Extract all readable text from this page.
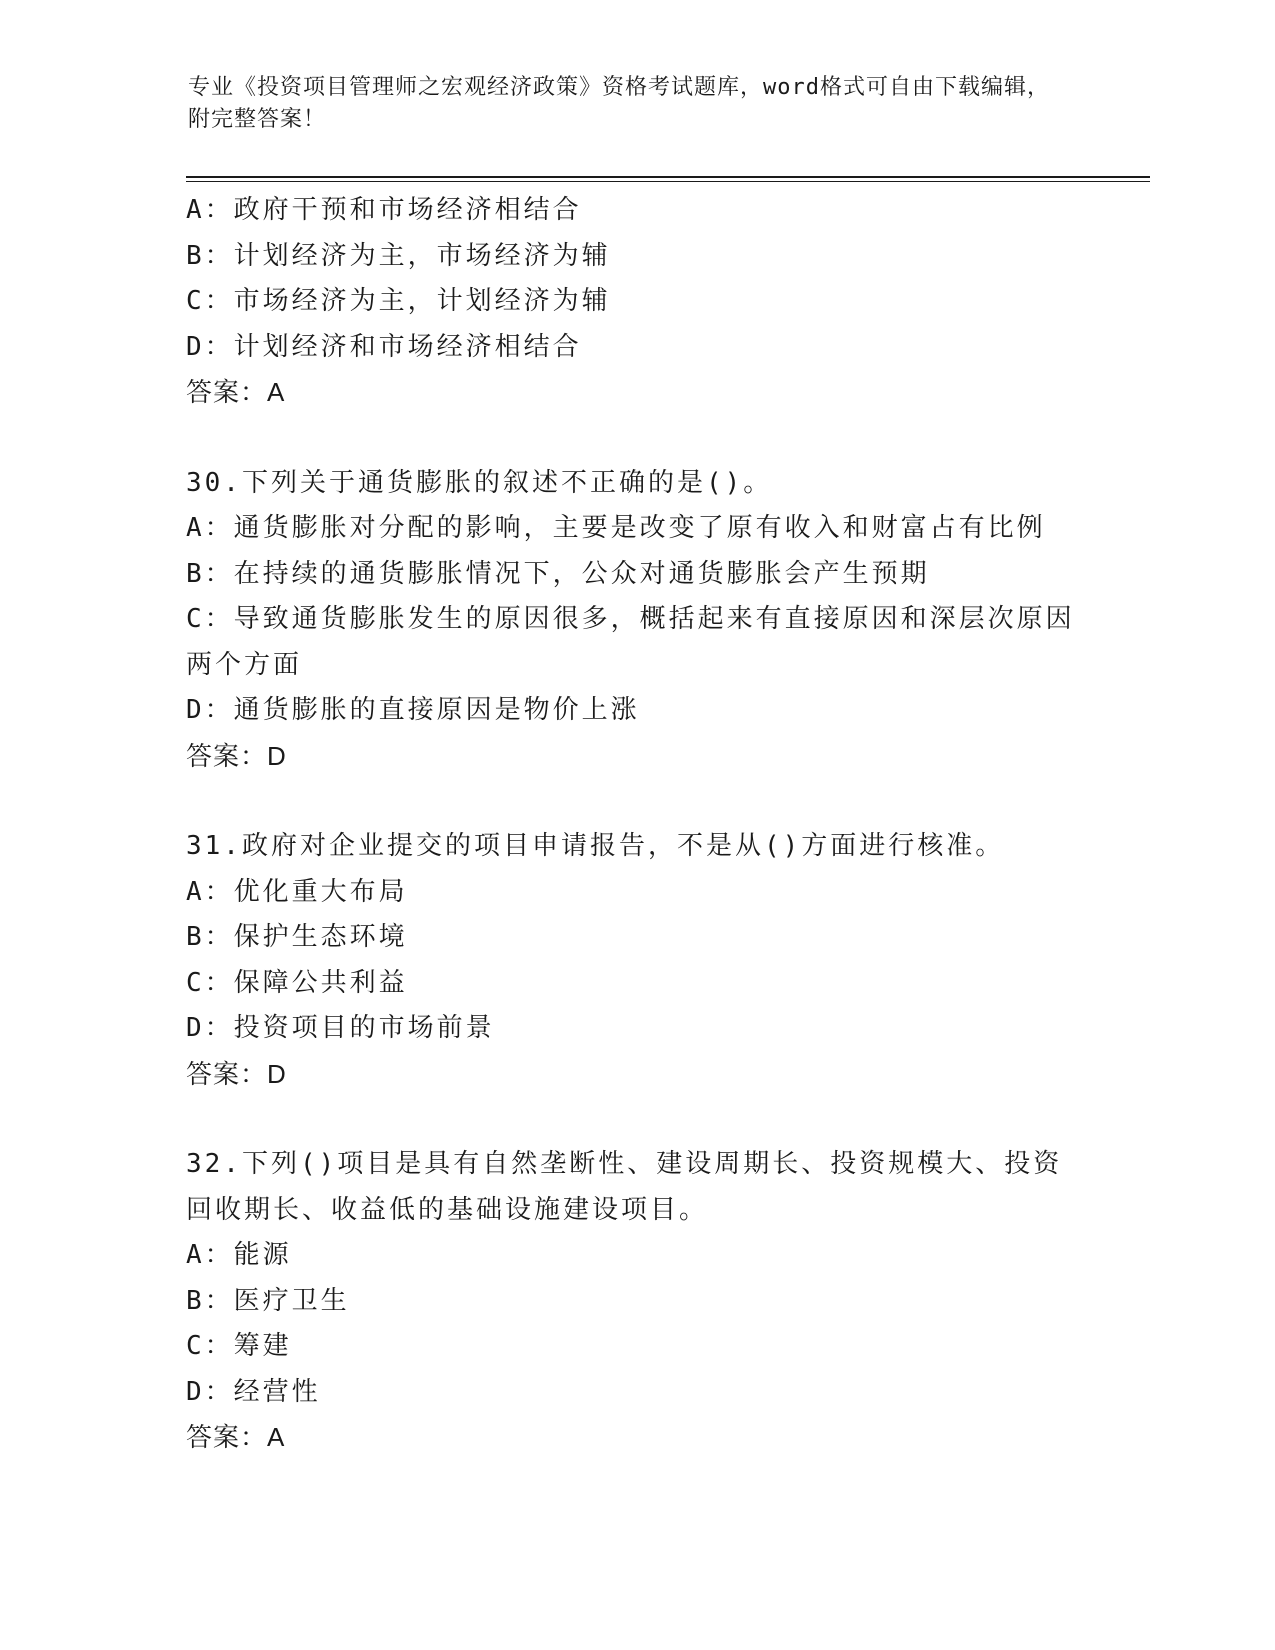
专业《投资项目管理师之宏观经济政策》资格考试题库，word格式可自由下载编辑，附完整答案！
A：政府干预和市场经济相结合
B：计划经济为主，市场经济为辅
C：市场经济为主，计划经济为辅
D：计划经济和市场经济相结合
答案：A
30.下列关于通货膨胀的叙述不正确的是()。
A：通货膨胀对分配的影响，主要是改变了原有收入和财富占有比例
B：在持续的通货膨胀情况下，公众对通货膨胀会产生预期
C：导致通货膨胀发生的原因很多，概括起来有直接原因和深层次原因两个方面
D：通货膨胀的直接原因是物价上涨
答案：D
31.政府对企业提交的项目申请报告，不是从()方面进行核准。
A：优化重大布局
B：保护生态环境
C：保障公共利益
D：投资项目的市场前景
答案：D
32.下列()项目是具有自然垄断性、建设周期长、投资规模大、投资回收期长、收益低的基础设施建设项目。
A：能源
B：医疗卫生
C：筹建
D：经营性
答案：A
